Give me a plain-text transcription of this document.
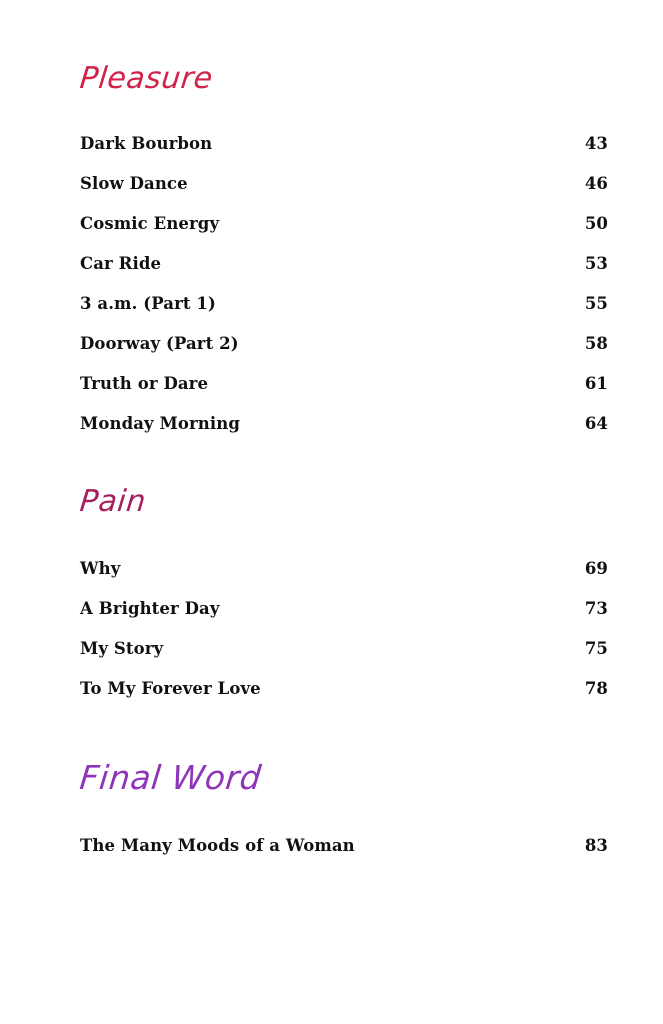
Pleasure
Dark Bourbon	43
Slow Dance	46
Cosmic Energy	50
Car Ride	53
3 a.m. (Part 1)	55
Doorway (Part 2)	58
Truth or Dare	61
Monday Morning	64
Pain
Why	69
A Brighter Day	73
My Story	75
To My Forever Love	78
Final Word
The Many Moods of a Woman	83
